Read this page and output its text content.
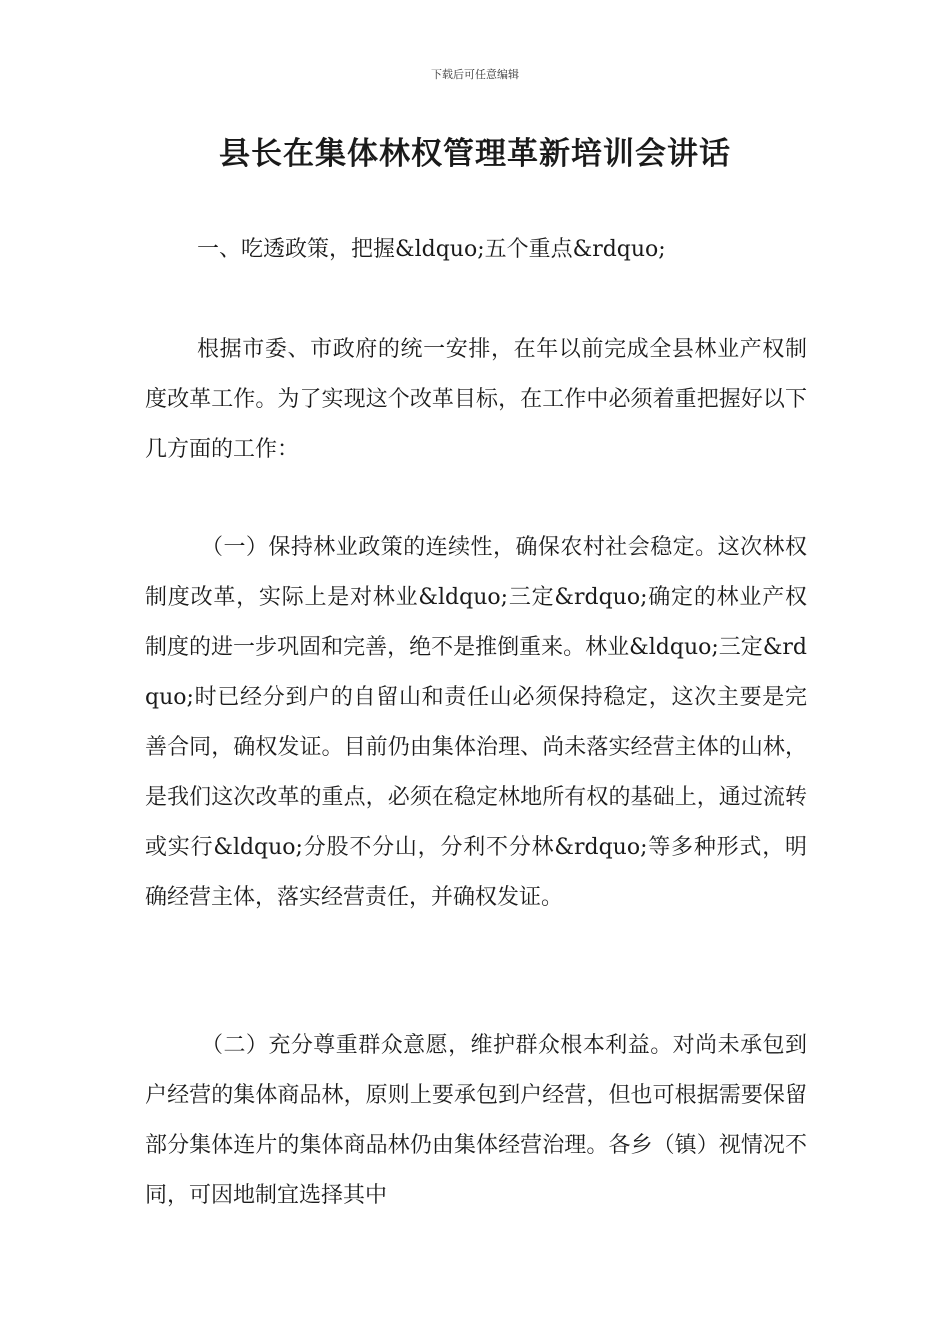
下载后可任意编辑
县长在集体林权管理革新培训会讲话

一、吃透政策，把握&ldquo;五个重点&rdquo;

根据市委、市政府的统一安排，在年以前完成全县林业产权制度改革工作。为了实现这个改革目标，在工作中必须着重把握好以下几方面的工作：

（一）保持林业政策的连续性，确保农村社会稳定。这次林权制度改革，实际上是对林业&ldquo;三定&rdquo;确定的林业产权制度的进一步巩固和完善，绝不是推倒重来。林业&ldquo;三定&rdquo;时已经分到户的自留山和责任山必须保持稳定，这次主要是完善合同，确权发证。目前仍由集体治理、尚未落实经营主体的山林，是我们这次改革的重点，必须在稳定林地所有权的基础上，通过流转或实行&ldquo;分股不分山，分利不分林&rdquo;等多种形式，明确经营主体，落实经营责任，并确权发证。

（二）充分尊重群众意愿，维护群众根本利益。对尚未承包到户经营的集体商品林，原则上要承包到户经营，但也可根据需要保留部分集体连片的集体商品林仍由集体经营治理。各乡（镇）视情况不同，可因地制宜选择其中
